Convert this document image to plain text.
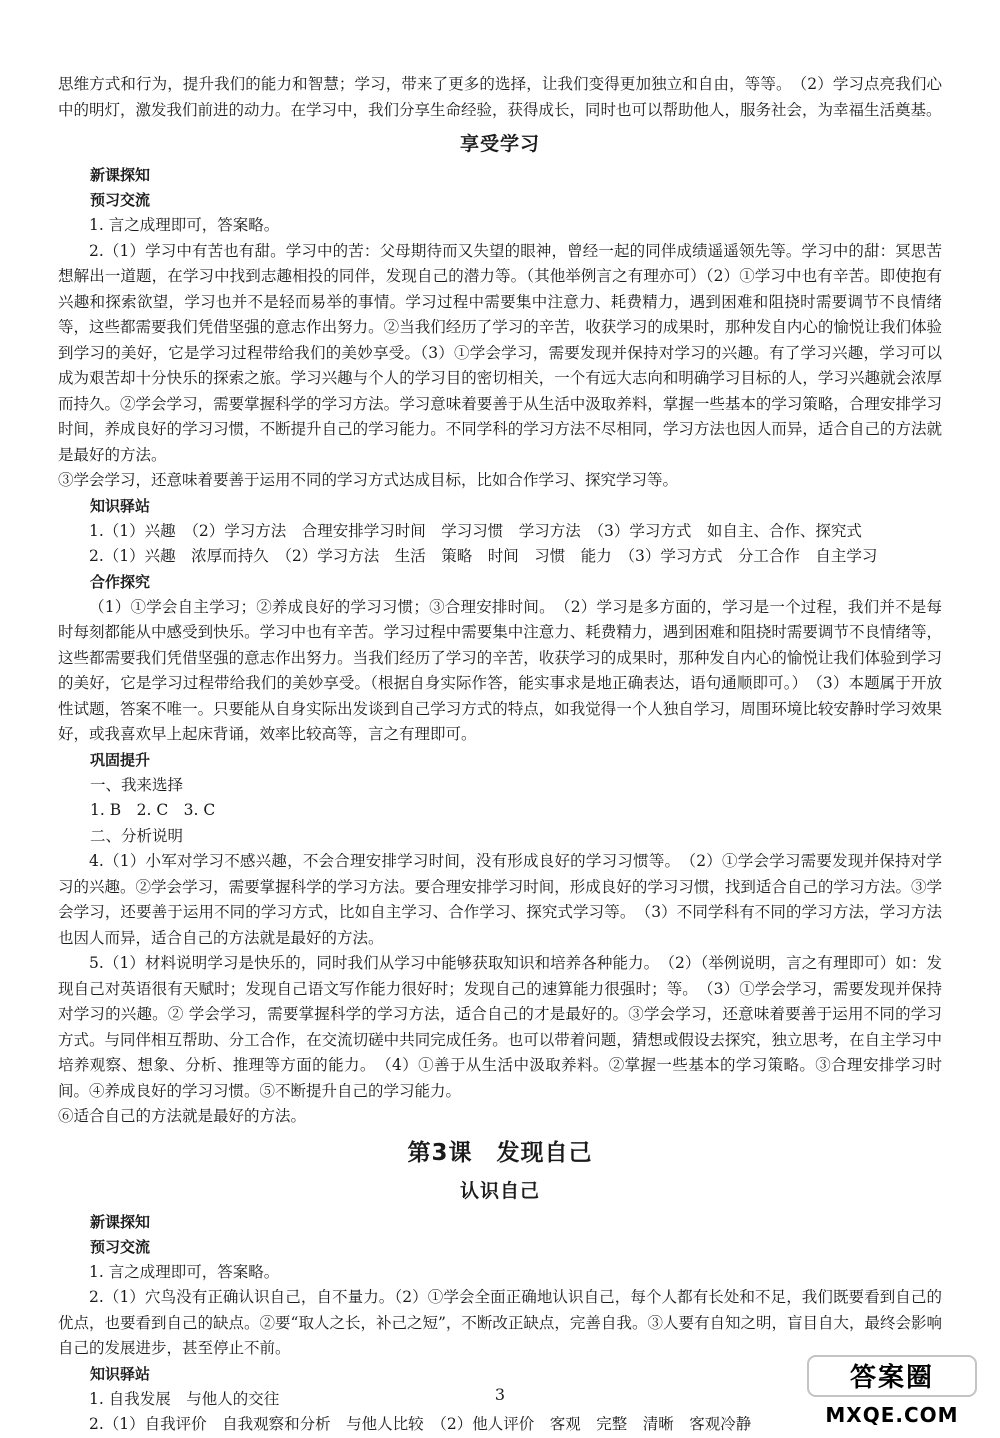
思维方式和行为，提升我们的能力和智慧；学习，带来了更多的选择，让我们变得更加独立和自由，等等。　（2）学习点亮我们心中的明灯，激发我们前进的动力。在学习中，我们分享生命经验，获得成长，同时也可以帮助他人，服务社会，为幸福生活奠基。

享受学习
新课探知
预习交流

1. 言之成理即可，答案略。

2.（1）学习中有苦也有甜。学习中的苦：父母期待而又失望的眼神，曾经一起的同伴成绩遥遥领先等。学习中的甜：冥思苦想解出一道题，在学习中找到志趣相投的同伴，发现自己的潜力等。（其他举例言之有理亦可）（2）①学习中也有辛苦。即使抱有兴趣和探索欲望，学习也并不是轻而易举的事情。学习过程中需要集中注意力、耗费精力，遇到困难和阻挠时需要调节不良情绪等，这些都需要我们凭借坚强的意志作出努力。②当我们经历了学习的辛苦，收获学习的成果时，那种发自内心的愉悦让我们体验到学习的美好，它是学习过程带给我们的美妙享受。（3）①学会学习，需要发现并保持对学习的兴趣。有了学习兴趣，学习可以成为艰苦却十分快乐的探索之旅。学习兴趣与个人的学习目的密切相关，一个有远大志向和明确学习目标的人，学习兴趣就会浓厚而持久。②学会学习，需要掌握科学的学习方法。学习意味着要善于从生活中汲取养料，掌握一些基本的学习策略，合理安排学习时间，养成良好的学习习惯，不断提升自己的学习能力。不同学科的学习方法不尽相同，学习方法也因人而异，适合自己的方法就是最好的方法。

③学会学习，还意味着要善于运用不同的学习方式达成目标，比如合作学习、探究学习等。

知识驿站

1.（1）兴趣　（2）学习方法　合理安排学习时间　学习习惯　学习方法　（3）学习方式　如自主、合作、探究式

2.（1）兴趣　浓厚而持久　（2）学习方法　生活　策略　时间　习惯　能力　（3）学习方式　分工合作　自主学习

合作探究

（1）①学会自主学习；②养成良好的学习习惯；③合理安排时间。　（2）学习是多方面的，学习是一个过程，我们并不是每时每刻都能从中感受到快乐。学习中也有辛苦。学习过程中需要集中注意力、耗费精力，遇到困难和阻挠时需要调节不良情绪等，这些都需要我们凭借坚强的意志作出努力。当我们经历了学习的辛苦，收获学习的成果时，那种发自内心的愉悦让我们体验到学习的美好，它是学习过程带给我们的美妙享受。（根据自身实际作答，能实事求是地正确表达，语句通顺即可。）　（3）本题属于开放性试题，答案不唯一。只要能从自身实际出发谈到自己学习方式的特点，如我觉得一个人独自学习，周围环境比较安静时学习效果好，或我喜欢早上起床背诵，效率比较高等，言之有理即可。

巩固提升

一、我来选择

1. B　2. C　3. C

二、分析说明

4.（1）小军对学习不感兴趣，不会合理安排学习时间，没有形成良好的学习习惯等。　（2）①学会学习需要发现并保持对学习的兴趣。②学会学习，需要掌握科学的学习方法。要合理安排学习时间，形成良好的学习习惯，找到适合自己的学习方法。③学会学习，还要善于运用不同的学习方式，比如自主学习、合作学习、探究式学习等。　（3）不同学科有不同的学习方法，学习方法也因人而异，适合自己的方法就是最好的方法。

5.（1）材料说明学习是快乐的，同时我们从学习中能够获取知识和培养各种能力。　（2）（举例说明，言之有理即可）如：发现自己对英语很有天赋时；发现自己语文写作能力很好时；发现自己的速算能力很强时；等。　（3）①学会学习，需要发现并保持对学习的兴趣。② 学会学习，需要掌握科学的学习方法，适合自己的才是最好的。③学会学习，还意味着要善于运用不同的学习方式。与同伴相互帮助、分工合作，在交流切磋中共同完成任务。也可以带着问题，猜想或假设去探究，独立思考，在自主学习中培养观察、想象、分析、推理等方面的能力。　（4）①善于从生活中汲取养料。②掌握一些基本的学习策略。③合理安排学习时间。④养成良好的学习习惯。⑤不断提升自己的学习能力。

⑥适合自己的方法就是最好的方法。

第3课 发现自己
认识自己
新课探知
预习交流

1. 言之成理即可，答案略。

2.（1）穴鸟没有正确认识自己，自不量力。（2）①学会全面正确地认识自己，每个人都有长处和不足，我们既要看到自己的优点，也要看到自己的缺点。②要“取人之长，补己之短”，不断改正缺点，完善自我。③人要有自知之明，盲目自大，最终会影响自己的发展进步，甚至停止不前。

知识驿站

1. 自我发展　与他人的交往

2.（1）自我评价　自我观察和分析　与他人比较　（2）他人评价　客观　完整　清晰　客观冷静

3
答案圈
MXQE.COM
